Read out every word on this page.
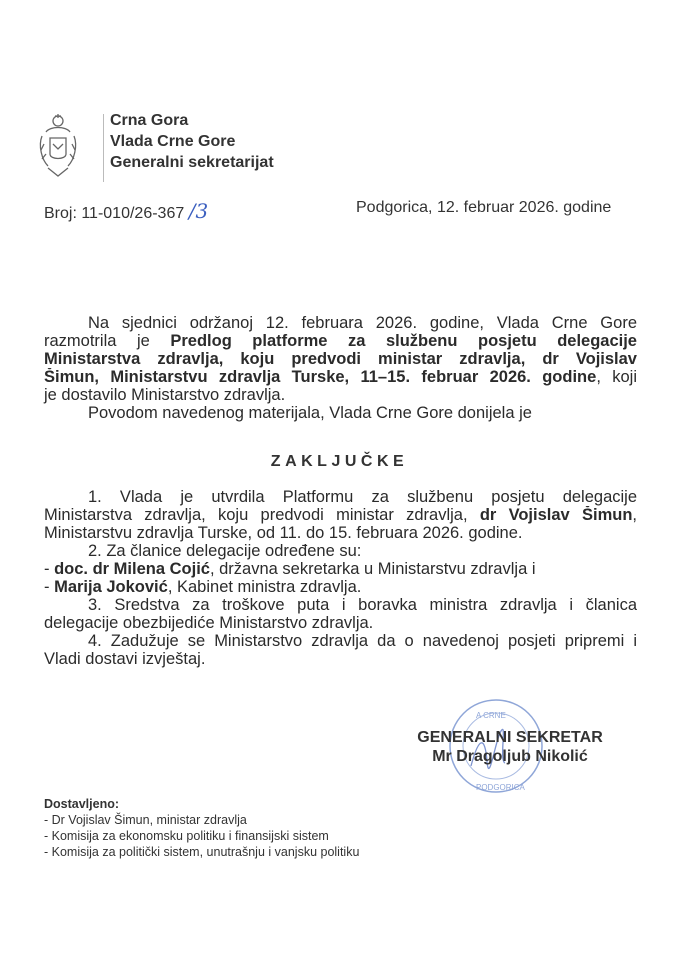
Crna Gora
Vlada Crne Gore
Generalni sekretarijat
Broj: 11-010/26-367 /3	Podgorica, 12. februar 2026. godine
Na sjednici održanoj 12. februara 2026. godine, Vlada Crne Gore
razmotrila je Predlog platforme za službenu posjetu delegacije
Ministarstva zdravlja, koju predvodi ministar zdravlja, dr Vojislav
Šimun, Ministarstvu zdravlja Turske, 11–15. februar 2026. godine, koji
je dostavilo Ministarstvo zdravlja.
Povodom navedenog materijala, Vlada Crne Gore donijela je
ZAKLJUČKE
1. Vlada je utvrdila Platformu za službenu posjetu delegacije
Ministarstva zdravlja, koju predvodi ministar zdravlja, dr Vojislav Šimun,
Ministarstvu zdravlja Turske, od 11. do 15. februara 2026. godine.
2. Za članice delegacije određene su:
- doc. dr Milena Cojić, državna sekretarka u Ministarstvu zdravlja i
- Marija Joković, Kabinet ministra zdravlja.
3. Sredstva za troškove puta i boravka ministra zdravlja i članica
delegacije obezbijediće Ministarstvo zdravlja.
4. Zadužuje se Ministarstvo zdravlja da o navedenoj posjeti pripremi i
Vladi dostavi izvještaj.
A CRNE
PODGORICA
GENERALNI SEKRETAR
Mr Dragoljub Nikolić
Dostavljeno:
- Dr Vojislav Šimun, ministar zdravlja
- Komisija za ekonomsku politiku i finansijski sistem
- Komisija za politički sistem, unutrašnju i vanjsku politiku
